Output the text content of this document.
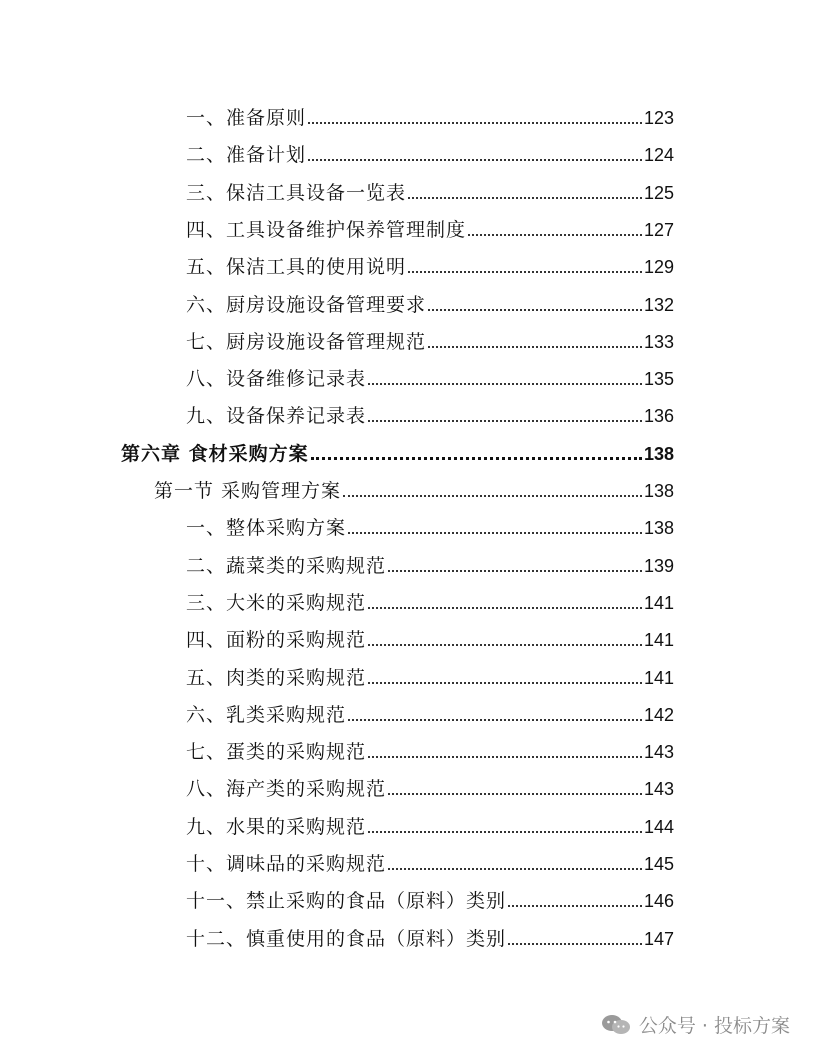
一、准备原则	123
二、准备计划	124
三、保洁工具设备一览表	125
四、工具设备维护保养管理制度	127
五、保洁工具的使用说明	129
六、厨房设施设备管理要求	132
七、厨房设施设备管理规范	133
八、设备维修记录表	135
九、设备保养记录表	136
第六章 食材采购方案	138
第一节 采购管理方案	138
一、整体采购方案	138
二、蔬菜类的采购规范	139
三、大米的采购规范	141
四、面粉的采购规范	141
五、肉类的采购规范	141
六、乳类采购规范	142
七、蛋类的采购规范	143
八、海产类的采购规范	143
九、水果的采购规范	144
十、调味品的采购规范	145
十一、禁止采购的食品（原料）类别	146
十二、慎重使用的食品（原料）类别	147
公众号 · 投标方案
